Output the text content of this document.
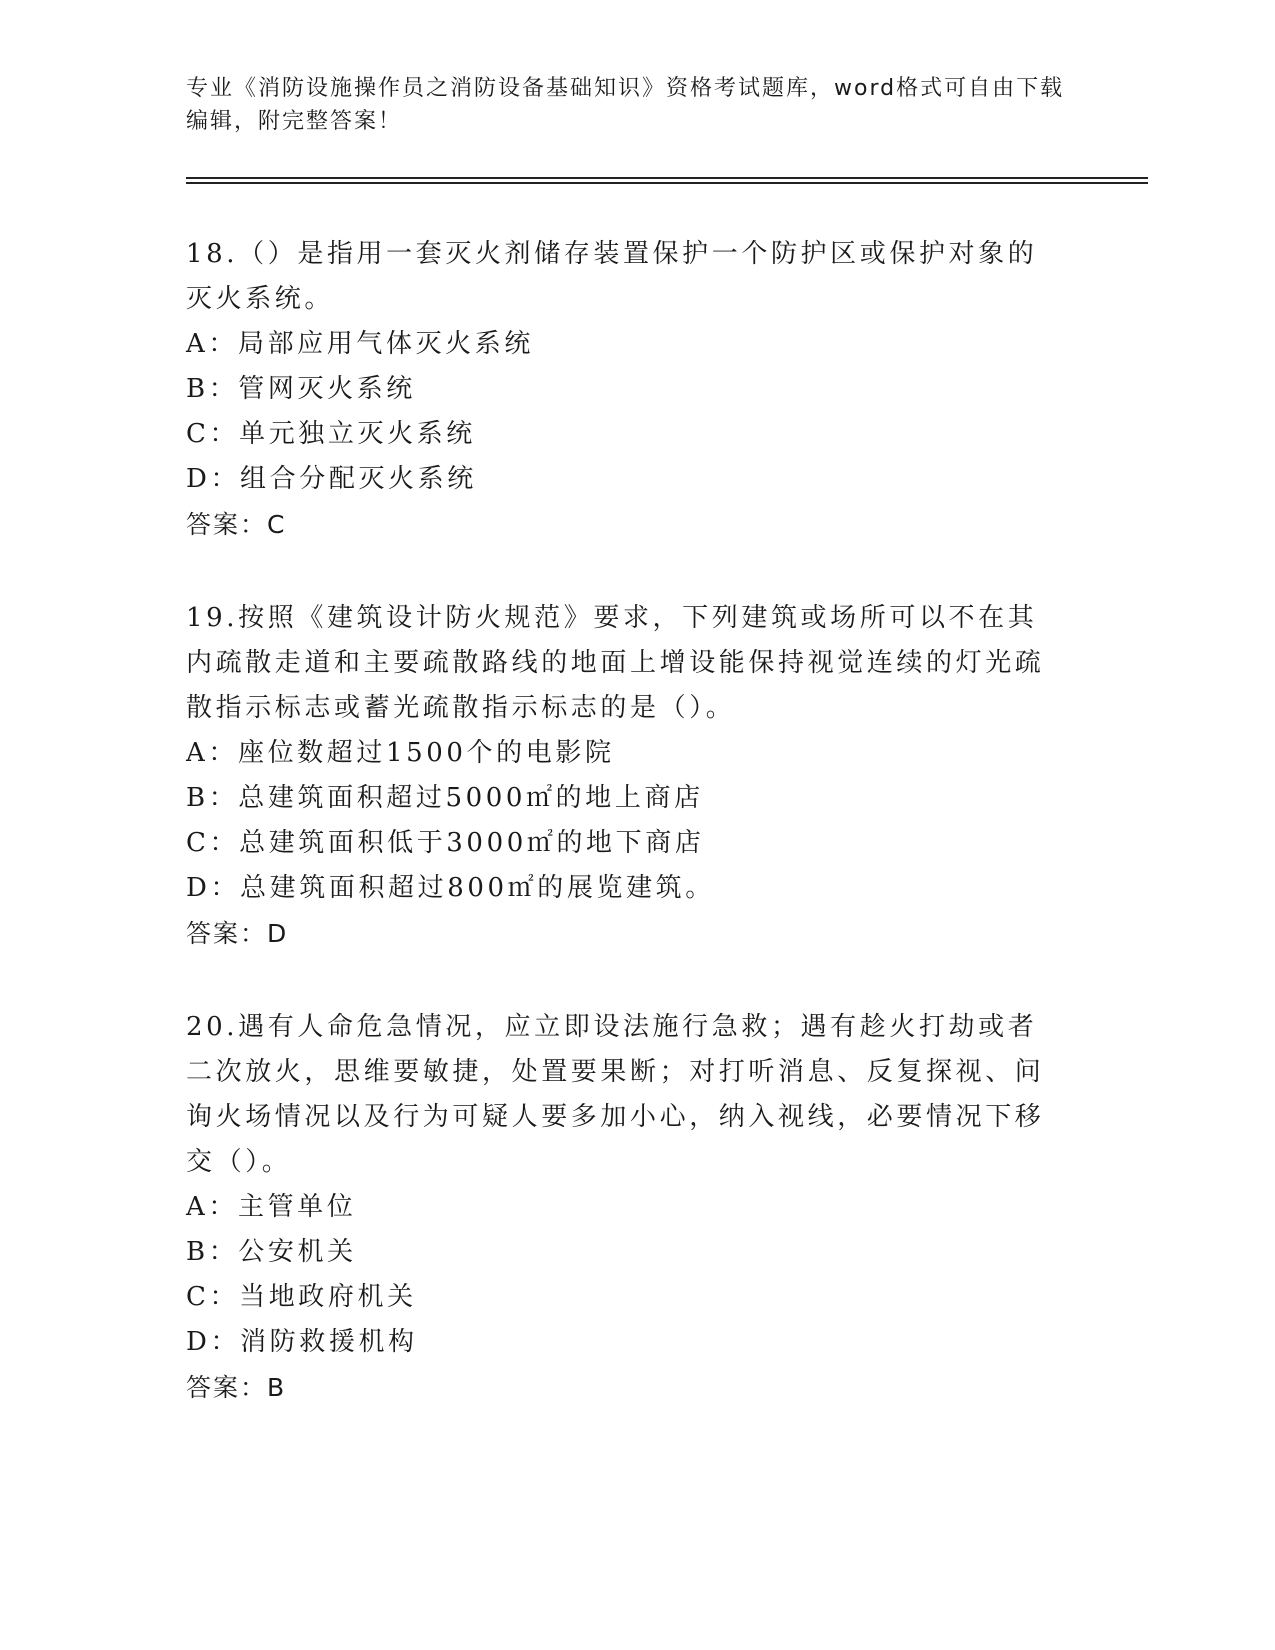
专业《消防设施操作员之消防设备基础知识》资格考试题库，word格式可自由下载编辑，附完整答案！

18.（）是指用一套灭火剂储存装置保护一个防护区或保护对象的灭火系统。

A：局部应用气体灭火系统

B：管网灭火系统

C：单元独立灭火系统

D：组合分配灭火系统

答案：C

19.按照《建筑设计防火规范》要求，下列建筑或场所可以不在其内疏散走道和主要疏散路线的地面上增设能保持视觉连续的灯光疏散指示标志或蓄光疏散指示标志的是（）。

A：座位数超过1500个的电影院

B：总建筑面积超过5000㎡的地上商店

C：总建筑面积低于3000㎡的地下商店

D：总建筑面积超过800㎡的展览建筑。

答案：D

20.遇有人命危急情况，应立即设法施行急救；遇有趁火打劫或者二次放火，思维要敏捷，处置要果断；对打听消息、反复探视、问询火场情况以及行为可疑人要多加小心，纳入视线，必要情况下移交（）。

A：主管单位

B：公安机关

C：当地政府机关

D：消防救援机构

答案：B
